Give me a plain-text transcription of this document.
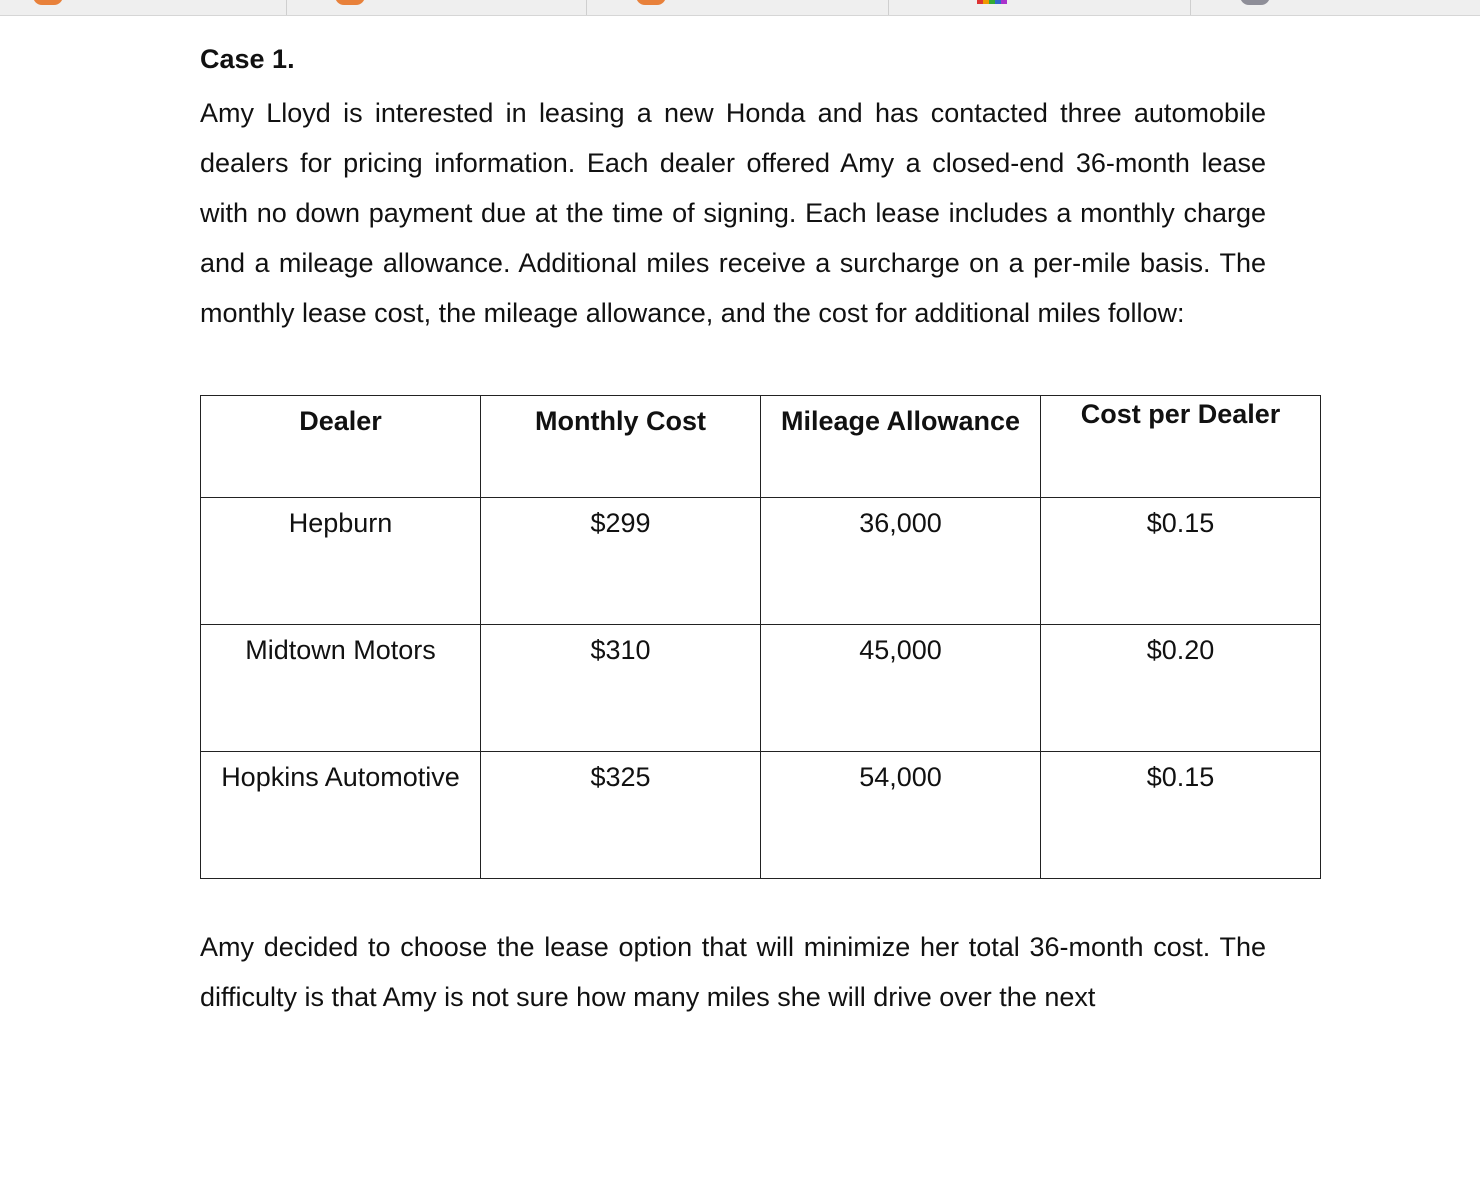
Case 1.

Amy Lloyd is interested in leasing a new Honda and has contacted three automobile dealers for pricing information. Each dealer offered Amy a closed-end 36-month lease with no down payment due at the time of signing. Each lease includes a monthly charge and a mileage allowance. Additional miles receive a surcharge on a per-mile basis. The monthly lease cost, the mileage allowance, and the cost for additional miles follow:

Amy decided to choose the lease option that will minimize her total 36-month cost. The difficulty is that Amy is not sure how many miles she will drive over the next

Dealer	Monthly Cost	Mileage Allowance	Cost per Dealer
Hepburn	$299	36,000	$0.15
Midtown Motors	$310	45,000	$0.20
Hopkins Automotive	$325	54,000	$0.15
